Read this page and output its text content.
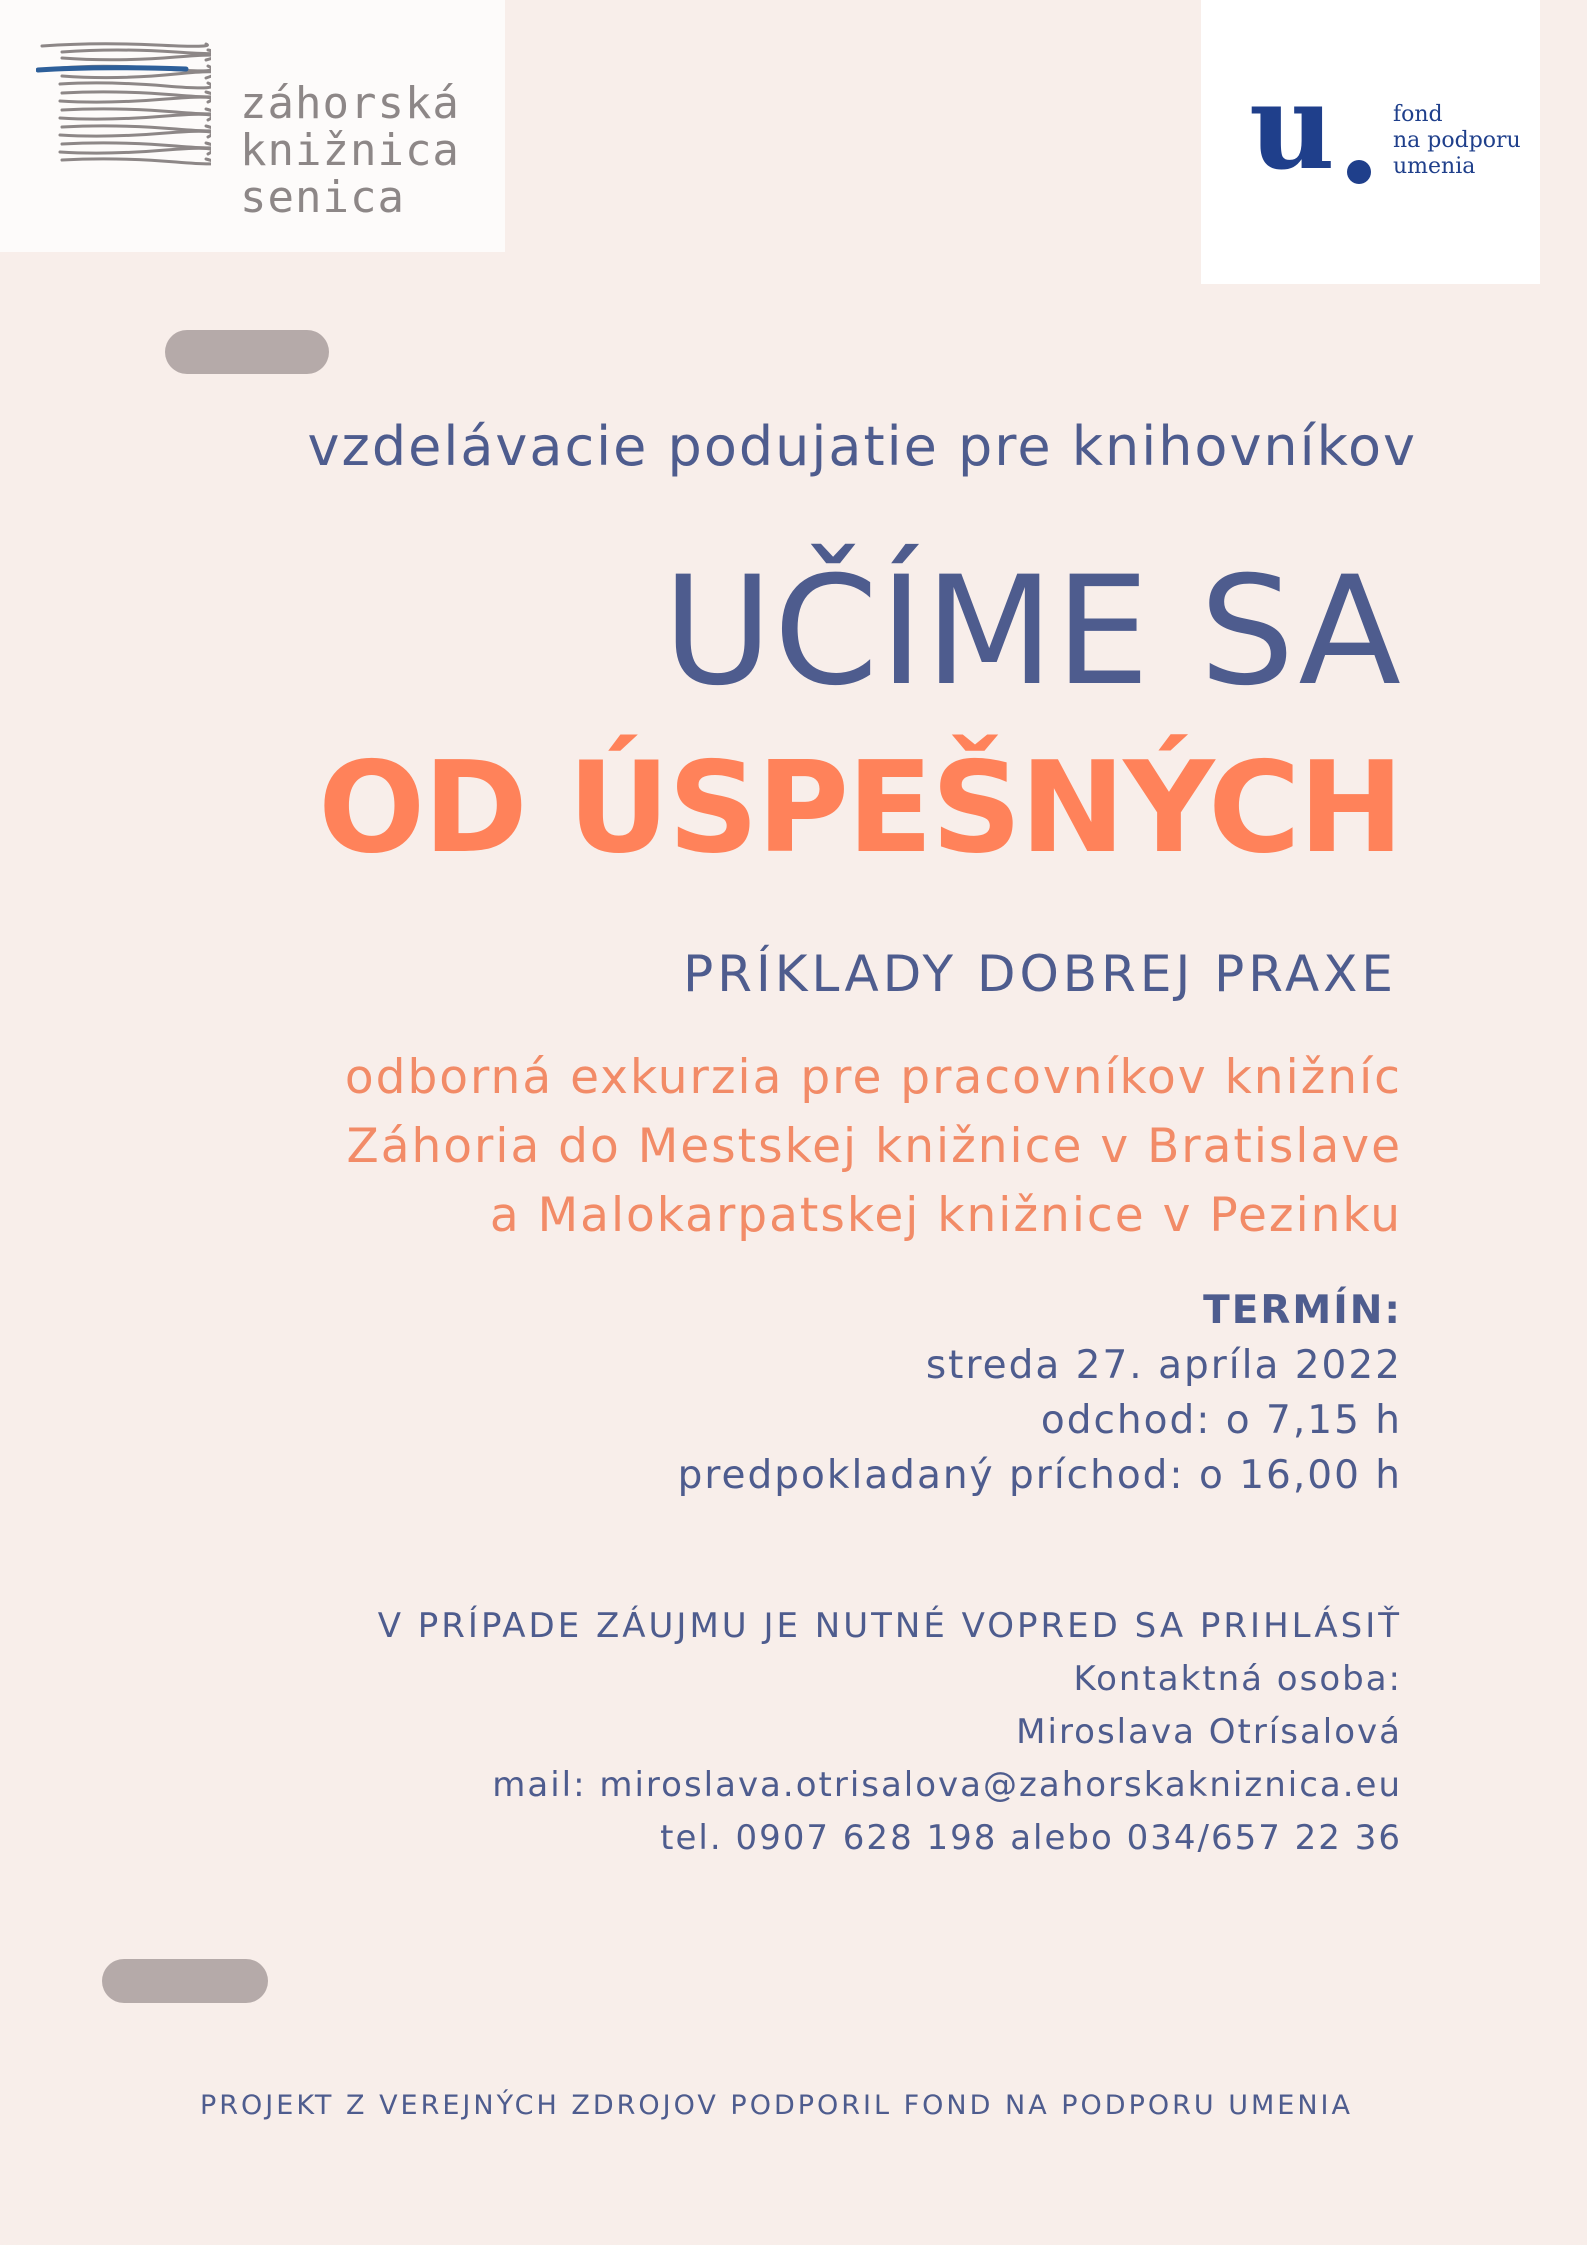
záhorská
knižnica
senica
u	fond
na podporu
umenia
vzdelávacie podujatie pre knihovníkov
UČÍME SA
OD ÚSPEŠNÝCH
PRÍKLADY DOBREJ PRAXE
odborná exkurzia pre pracovníkov knižníc
Záhoria do Mestskej knižnice v Bratislave
a Malokarpatskej knižnice v Pezinku
TERMÍN:
streda 27. apríla 2022
odchod: o 7,15 h
predpokladaný príchod: o 16,00 h
V PRÍPADE ZÁUJMU JE NUTNÉ VOPRED SA PRIHLÁSIŤ
Kontaktná osoba:
Miroslava Otrísalová
mail: miroslava.otrisalova@zahorskakniznica.eu
tel. 0907 628 198 alebo 034/657 22 36
PROJEKT Z VEREJNÝCH ZDROJOV PODPORIL FOND NA PODPORU UMENIA
